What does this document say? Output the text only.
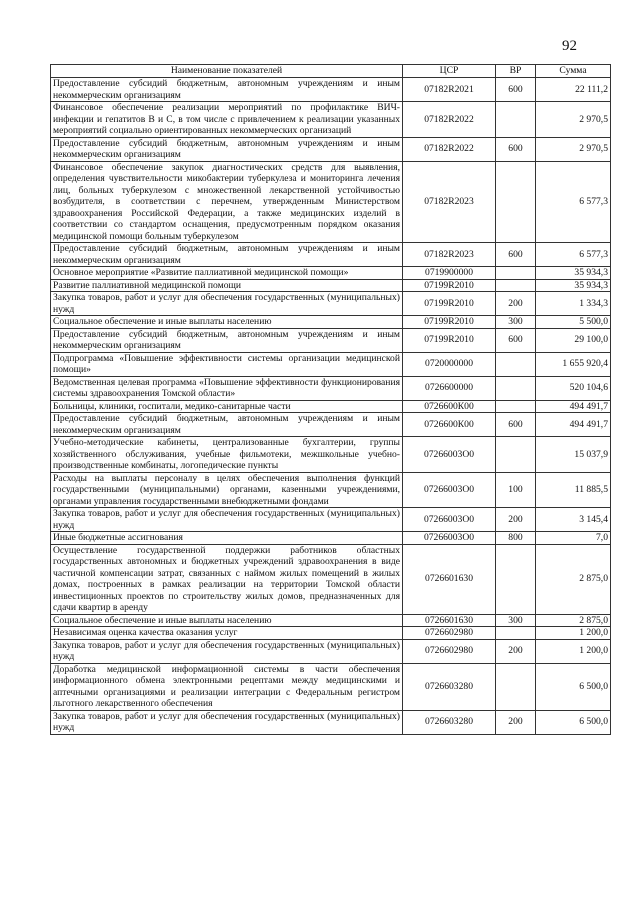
92
Наименование показателей	ЦСР	ВР	Сумма
Предоставление субсидий бюджетным, автономным учреждениям и иным некоммерческим организациям	07182R2021	600	22 111,2
Финансовое обеспечение реализации мероприятий по профилактике ВИЧ-инфекции и гепатитов B и C, в том числе с привлечением к реализации указанных мероприятий социально ориентированных некоммерческих организаций	07182R2022		2 970,5
Предоставление субсидий бюджетным, автономным учреждениям и иным некоммерческим организациям	07182R2022	600	2 970,5
Финансовое обеспечение закупок диагностических средств для выявления, определения чувствительности микобактерии туберкулеза и мониторинга лечения лиц, больных туберкулезом с множественной лекарственной устойчивостью возбудителя, в соответствии с перечнем, утвержденным Министерством здравоохранения Российской Федерации, а также медицинских изделий в соответствии со стандартом оснащения, предусмотренным порядком оказания медицинской помощи больным туберкулезом	07182R2023		6 577,3
Предоставление субсидий бюджетным, автономным учреждениям и иным некоммерческим организациям	07182R2023	600	6 577,3
Основное мероприятие «Развитие паллиативной медицинской помощи»	0719900000		35 934,3
Развитие паллиативной медицинской помощи	07199R2010		35 934,3
Закупка товаров, работ и услуг для обеспечения государственных (муниципальных) нужд	07199R2010	200	1 334,3
Социальное обеспечение и иные выплаты населению	07199R2010	300	5 500,0
Предоставление субсидий бюджетным, автономным учреждениям и иным некоммерческим организациям	07199R2010	600	29 100,0
Подпрограмма «Повышение эффективности системы организации медицинской помощи»	0720000000		1 655 920,4
Ведомственная целевая программа «Повышение эффективности функционирования системы здравоохранения Томской области»	0726600000		520 104,6
Больницы, клиники, госпитали, медико-санитарные части	0726600К00		494 491,7
Предоставление субсидий бюджетным, автономным учреждениям и иным некоммерческим организациям	0726600К00	600	494 491,7
Учебно-методические кабинеты, централизованные бухгалтерии, группы хозяйственного обслуживания, учебные фильмотеки, межшкольные учебно-производственные комбинаты, логопедические пункты	07266003О0		15 037,9
Расходы на выплаты персоналу в целях обеспечения выполнения функций государственными (муниципальными) органами, казенными учреждениями, органами управления государственными внебюджетными фондами	07266003О0	100	11 885,5
Закупка товаров, работ и услуг для обеспечения государственных (муниципальных) нужд	07266003О0	200	3 145,4
Иные бюджетные ассигнования	07266003О0	800	7,0
Осуществление государственной поддержки работников областных государственных автономных и бюджетных учреждений здравоохранения в виде частичной компенсации затрат, связанных с наймом жилых помещений в жилых домах, построенных в рамках реализации на территории Томской области инвестиционных проектов по строительству жилых домов, предназначенных для сдачи квартир в аренду	0726601630		2 875,0
Социальное обеспечение и иные выплаты населению	0726601630	300	2 875,0
Независимая оценка качества оказания услуг	0726602980		1 200,0
Закупка товаров, работ и услуг для обеспечения государственных (муниципальных) нужд	0726602980	200	1 200,0
Доработка медицинской информационной системы в части обеспечения информационного обмена электронными рецептами между медицинскими и аптечными организациями и реализации интеграции с Федеральным регистром льготного лекарственного обеспечения	0726603280		6 500,0
Закупка товаров, работ и услуг для обеспечения государственных (муниципальных) нужд	0726603280	200	6 500,0
